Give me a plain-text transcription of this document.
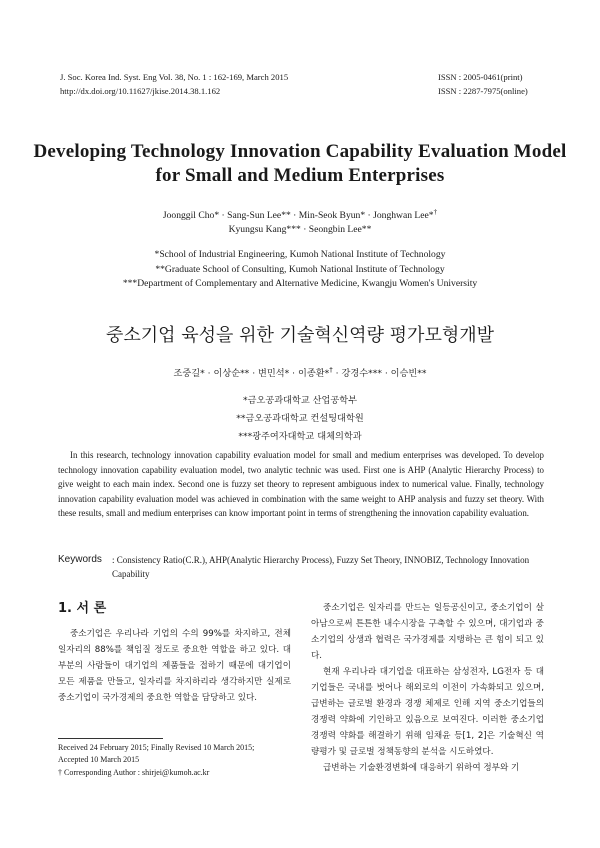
J. Soc. Korea Ind. Syst. Eng Vol. 38, No. 1 : 162-169, March 2015
http://dx.doi.org/10.11627/jkise.2014.38.1.162
ISSN : 2005-0461(print)
ISSN : 2287-7975(online)
Developing Technology Innovation Capability Evaluation Model
for Small and Medium Enterprises
Joonggil Cho* · Sang-Sun Lee** · Min-Seok Byun* · Jonghwan Lee*†
Kyungsu Kang*** · Seongbin Lee**
*School of Industrial Engineering, Kumoh National Institute of Technology
**Graduate School of Consulting, Kumoh National Institute of Technology
***Department of Complementary and Alternative Medicine, Kwangju Women's University
중소기업 육성을 위한 기술혁신역량 평가모형개발
조중길* · 이상순** · 변민석* · 이종환*† · 강경수*** · 이승빈**
*금오공과대학교 산업공학부
**금오공과대학교 컨설팅대학원
***광주여자대학교 대체의학과
In this research, technology innovation capability evaluation model for small and medium enterprises was developed. To develop technology innovation capability evaluation model, two analytic technic was used. First one is AHP (Analytic Hierarchy Process) to give weight to each main index. Second one is fuzzy set theory to represent ambiguous index to numerical value. Finally, technology innovation capability evaluation model was achieved in combination with the same weight to AHP analysis and fuzzy set theory. With these results, small and medium enterprises can know important point in terms of strengthening the innovation capability evaluation.
Keywords : Consistency Ratio(C.R.), AHP(Analytic Hierarchy Process), Fuzzy Set Theory, INNOBIZ, Technology Innovation Capability
1. 서 론

중소기업은 우리나라 기업의 수의 99%를 차지하고, 전체 일자리의 88%를 책임질 정도로 중요한 역할을 하고 있다. 대부분의 사람들이 대기업의 제품들을 접하기 때문에 대기업이 모든 제품을 만들고, 일자리를 차지하리라 생각하지만 실제로 중소기업이 국가경제의 중요한 역할을 담당하고 있다.

중소기업은 일자리를 만드는 일등공신이고, 중소기업이 살아남으로써 튼튼한 내수시장을 구축할 수 있으며, 대기업과 중소기업의 상생과 협력은 국가경제를 지탱하는 큰 힘이 되고 있다.

현재 우리나라 대기업을 대표하는 삼성전자, LG전자 등 대기업들은 국내를 벗어나 해외로의 이전이 가속화되고 있으며, 급변하는 글로벌 환경과 경쟁 체제로 인해 지역 중소기업들의 경쟁력 약화에 기인하고 있음으로 보여진다. 이러한 중소기업 경쟁력 약화를 해결하기 위해 임채윤 등[1, 2]은 기술혁신 역량평가 및 글로벌 정책동향의 분석을 시도하였다.

급변하는 기술환경변화에 대응하기 위하여 정부와 기

Received 24 February 2015; Finally Revised 10 March 2015;
Accepted 10 March 2015
† Corresponding Author : shirjei@kumoh.ac.kr
